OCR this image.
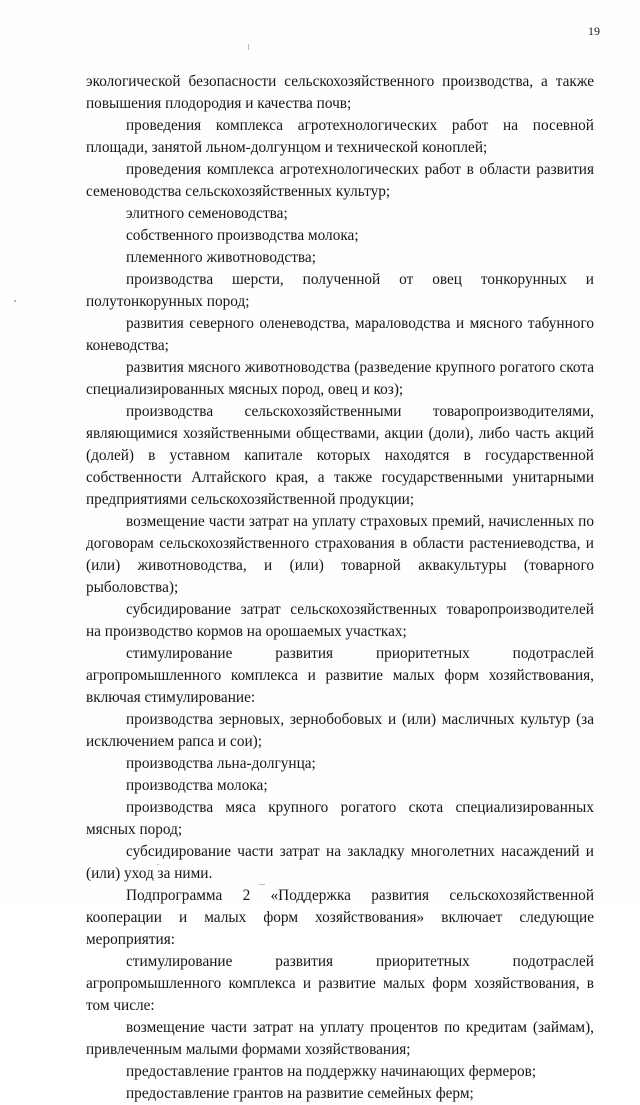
19

экологической безопасности сельскохозяйственного производства, а также повышения плодородия и качества почв;

проведения комплекса агротехнологических работ на посевной площади, занятой льном-долгунцом и технической коноплей;

проведения комплекса агротехнологических работ в области развития семеноводства сельскохозяйственных культур;

элитного семеноводства;

собственного производства молока;

племенного животноводства;

производства шерсти, полученной от овец тонкорунных и полутонкорунных пород;

развития северного оленеводства, мараловодства и мясного табунного коневодства;

развития мясного животноводства (разведение крупного рогатого скота специализированных мясных пород, овец и коз);

производства сельскохозяйственными товаропроизводителями, являющимися хозяйственными обществами, акции (доли), либо часть акций (долей) в уставном капитале которых находятся в государственной собственности Алтайского края, а также государственными унитарными предприятиями сельскохозяйственной продукции;

возмещение части затрат на уплату страховых премий, начисленных по договорам сельскохозяйственного страхования в области растениеводства, и (или) животноводства, и (или) товарной аквакультуры (товарного рыболовства);

субсидирование затрат сельскохозяйственных товаропроизводителей на производство кормов на орошаемых участках;

стимулирование развития приоритетных подотраслей агропромышленного комплекса и развитие малых форм хозяйствования, включая стимулирование:

производства зерновых, зернобобовых и (или) масличных культур (за исключением рапса и сои);

производства льна-долгунца;

производства молока;

производства мяса крупного рогатого скота специализированных мясных пород;

субсидирование части затрат на закладку многолетних насаждений и (или) уход за ними.

Подпрограмма 2 «Поддержка развития сельскохозяйственной кооперации и малых форм хозяйствования» включает следующие мероприятия:

стимулирование развития приоритетных подотраслей агропромышленного комплекса и развитие малых форм хозяйствования, в том числе:

возмещение части затрат на уплату процентов по кредитам (займам), привлеченным малыми формами хозяйствования;

предоставление грантов на поддержку начинающих фермеров;

предоставление грантов на развитие семейных ферм;
